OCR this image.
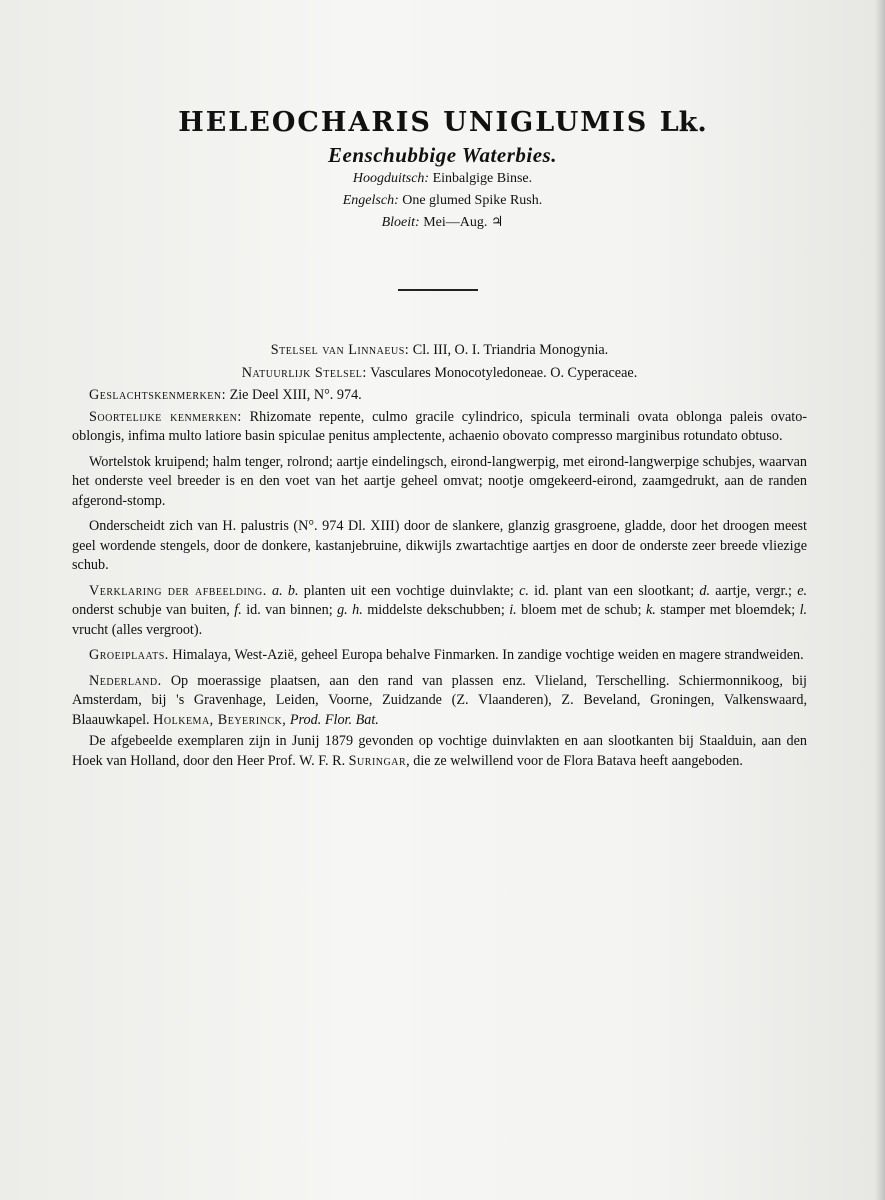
HELEOCHARIS UNIGLUMIS Lk.
Eenschubbige Waterbies.
Hoogduitsch: Einbalgige Binse.
Engelsch: One glumed Spike Rush.
Bloeit: Mei—Aug. ♃

Stelsel van Linnaeus: Cl. III, O. I. Triandria Monogynia.

Natuurlijk Stelsel: Vasculares Monocotyledoneae. O. Cyperaceae.

Geslachtskenmerken: Zie Deel XIII, N°. 974.

Soortelijke kenmerken: Rhizomate repente, culmo gracile cylindrico, spicula terminali ovata oblonga paleis ovato-oblongis, infima multo latiore basin spiculae penitus amplectente, achaenio obovato compresso marginibus rotundato obtuso.

Wortelstok kruipend; halm tenger, rolrond; aartje eindelingsch, eirond-langwerpig, met eirond-langwerpige schubjes, waarvan het onderste veel breeder is en den voet van het aartje geheel omvat; nootje omgekeerd-eirond, zaamgedrukt, aan de randen afgerond-stomp.

Onderscheidt zich van H. palustris (N°. 974 Dl. XIII) door de slankere, glanzig grasgroene, gladde, door het droogen meest geel wordende stengels, door de donkere, kastanjebruine, dikwijls zwartachtige aartjes en door de onderste zeer breede vliezige schub.

Verklaring der afbeelding. a. b. planten uit een vochtige duinvlakte; c. id. plant van een slootkant; d. aartje, vergr.; e. onderst schubje van buiten, f. id. van binnen; g. h. middelste dekschubben; i. bloem met de schub; k. stamper met bloemdek; l. vrucht (alles vergroot).

Groeiplaats. Himalaya, West-Azië, geheel Europa behalve Finmarken. In zandige vochtige weiden en magere strandweiden.

Nederland. Op moerassige plaatsen, aan den rand van plassen enz. Vlieland, Terschelling. Schiermonnikoog, bij Amsterdam, bij 's Gravenhage, Leiden, Voorne, Zuidzande (Z. Vlaanderen), Z. Beveland, Groningen, Valkenswaard, Blaauwkapel. Holkema, Beyerinck, Prod. Flor. Bat.

De afgebeelde exemplaren zijn in Junij 1879 gevonden op vochtige duinvlakten en aan slootkanten bij Staalduin, aan den Hoek van Holland, door den Heer Prof. W. F. R. Suringar, die ze welwillend voor de Flora Batava heeft aangeboden.
